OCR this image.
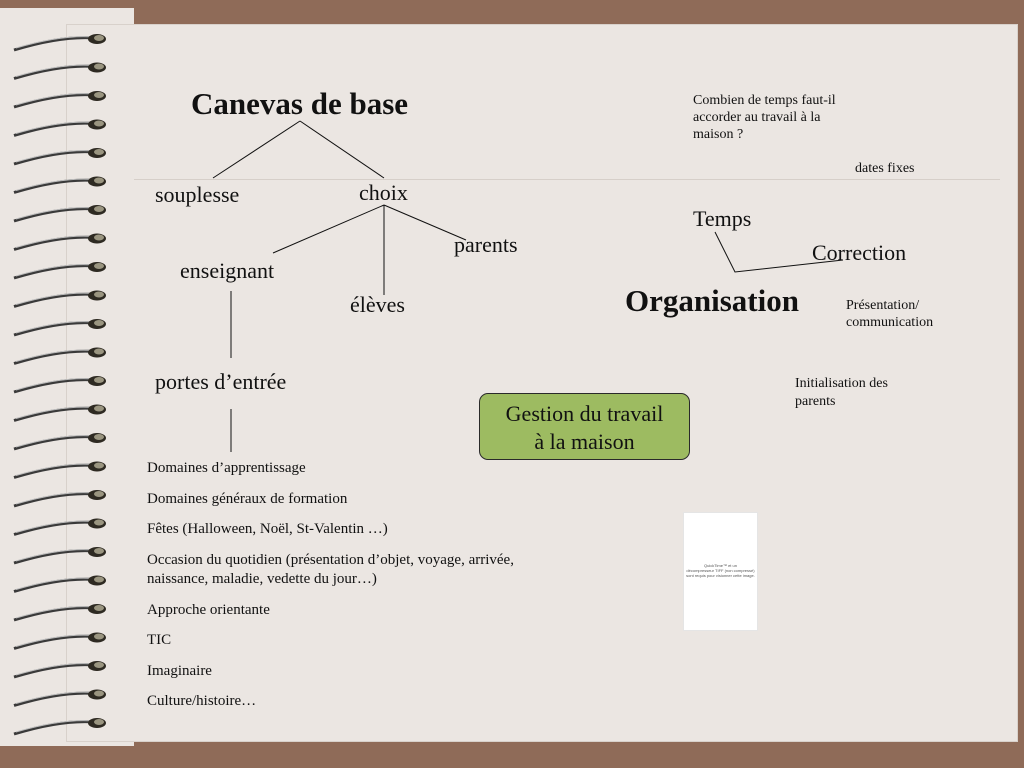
Canevas de base
souplesse	choix
parents
enseignant
élèves
portes d’entrée
Domaines d’apprentissage
Domaines généraux de formation
Fêtes (Halloween, Noël, St-Valentin …)
Occasion du quotidien (présentation d’objet, voyage, arrivée, naissance, maladie, vedette du jour…)
Approche orientante
TIC
Imaginaire
Culture/histoire…
Combien de temps faut-il
accorder au travail à la
maison ?
dates fixes
Temps
Correction
Organisation	Présentation/
communication
Initialisation des
parents
Gestion du travail
à la maison
QuickTime™ et un
décompresseur TIFF (non compressé)
sont requis pour visionner cette image.
